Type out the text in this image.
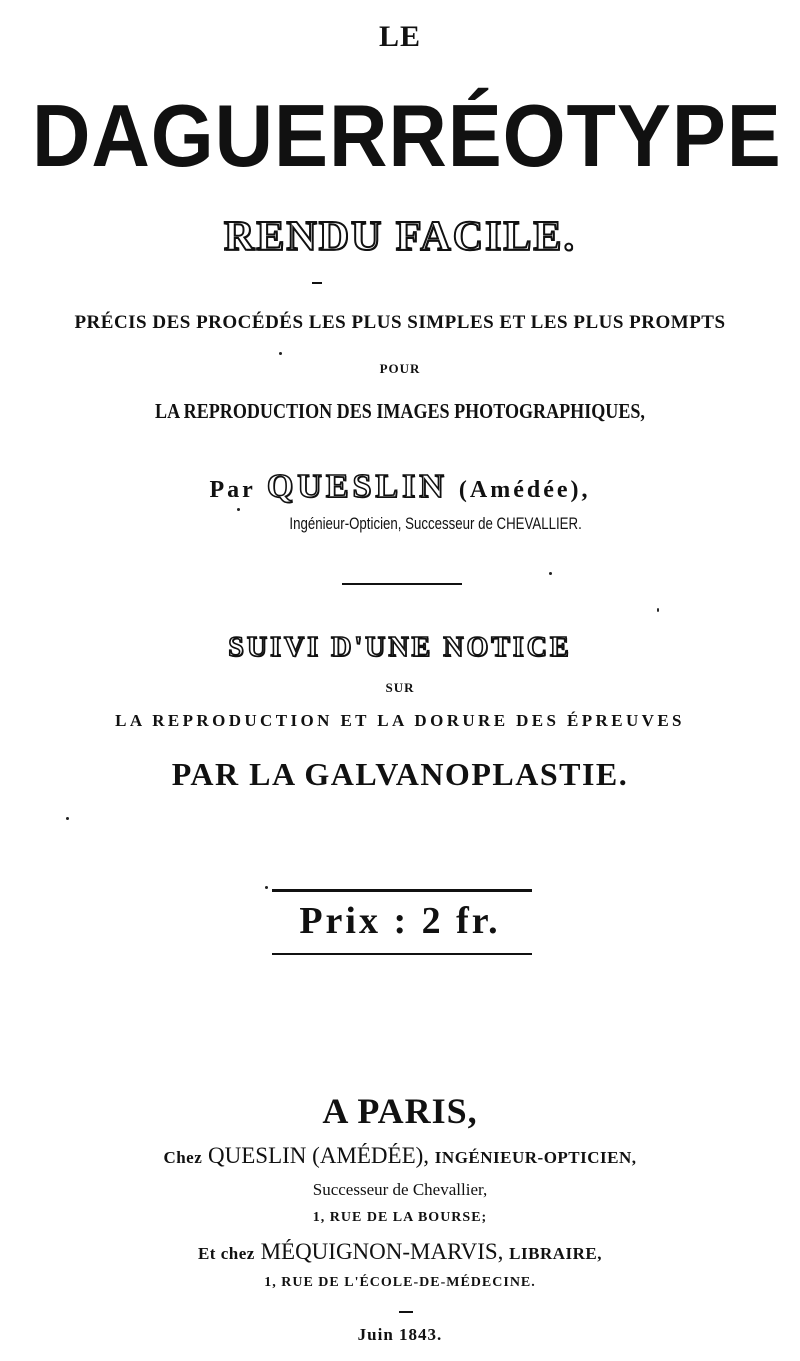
LE
DAGUERRÉOTYPE
RENDU FACILE.
PRÉCIS DES PROCÉDÉS LES PLUS SIMPLES ET LES PLUS PROMPTS
POUR
LA REPRODUCTION DES IMAGES PHOTOGRAPHIQUES,
Par QUESLIN (Amédée),
Ingénieur-Opticien, Successeur de CHEVALLIER.
SUIVI D'UNE NOTICE
SUR
LA REPRODUCTION ET LA DORURE DES ÉPREUVES
PAR LA GALVANOPLASTIE.
Prix : 2 fr.
A PARIS,
Chez QUESLIN (AMÉDÉE), INGÉNIEUR-OPTICIEN,
Successeur de Chevallier,
1, RUE DE LA BOURSE;
Et chez MÉQUIGNON-MARVIS, LIBRAIRE,
1, RUE DE L'ÉCOLE-DE-MÉDECINE.
Juin 1843.
